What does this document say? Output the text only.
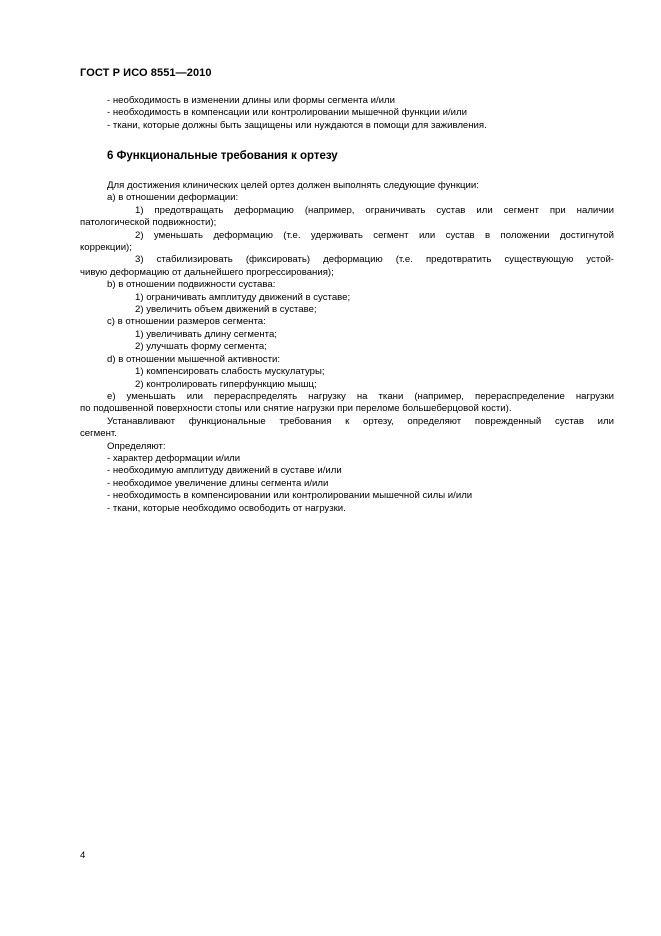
ГОСТ Р ИСО 8551—2010
- необходимость в изменении длины или формы сегмента и/или
- необходимость в компенсации или контролировании мышечной функции и/или
- ткани, которые должны быть защищены или нуждаются в помощи для заживления.
6 Функциональные требования к ортезу
Для достижения клинических целей ортез должен выполнять следующие функции:
a) в отношении деформации:
1) предотвращать деформацию (например, ограничивать сустав или сегмент при наличии
патологической подвижности);
2) уменьшать деформацию (т.е. удерживать сегмент или сустав в положении достигнутой
коррекции);
3) стабилизировать (фиксировать) деформацию (т.е. предотвратить существующую устой-
чивую деформацию от дальнейшего прогрессирования);
b) в отношении подвижности сустава:
1) ограничивать амплитуду движений в суставе;
2) увеличить объем движений в суставе;
c) в отношении размеров сегмента:
1) увеличивать длину сегмента;
2) улучшать форму сегмента;
d) в отношении мышечной активности:
1) компенсировать слабость мускулатуры;
2) контролировать гиперфункцию мышц;
e) уменьшать или перераспределять нагрузку на ткани (например, перераспределение нагрузки
по подошвенной поверхности стопы или снятие нагрузки при переломе большеберцовой кости).
Устанавливают функциональные требования к ортезу, определяют поврежденный сустав или
сегмент.
Определяют:
- характер деформации и/или
- необходимую амплитуду движений в суставе и/или
- необходимое увеличение длины сегмента и/или
- необходимость в компенсировании или контролировании мышечной силы и/или
- ткани, которые необходимо освободить от нагрузки.
4
